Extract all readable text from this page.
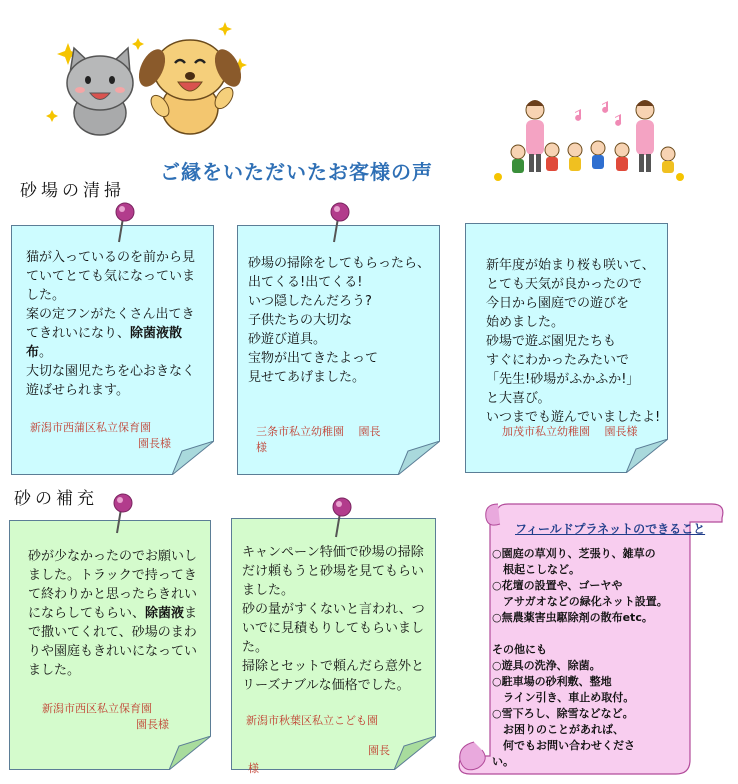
ご縁をいただいたお客様の声
砂場の清掃
砂の補充
猫が入っているのを前から見ていてとても気になっていました。
案の定フンがたくさん出てきてきれいになり、除菌液散布。
大切な園児たちを心おきなく遊ばせられます。
新潟市西蒲区私立保育園
園長様
砂場の掃除をしてもらったら、
出てくる!出てくる!
いつ隠したんだろう?
子供たちの大切な
砂遊び道具。
宝物が出てきたよって
見せてあげました。
三条市私立幼稚園　 園長
様
新年度が始まり桜も咲いて、
とても天気が良かったので
今日から園庭での遊びを
始めました。
砂場で遊ぶ園児たちも
すぐにわかったみたいで
「先生!砂場がふかふか!」
と大喜び。
いつまでも遊んでいましたよ!
加茂市私立幼稚園　 園長様
砂が少なかったのでお願いしました。トラックで持ってきて終わりかと思ったらきれいにならしてもらい、除菌液まで撒いてくれて、砂場のまわりや園庭もきれいになっていました。
新潟市西区私立保育園
園長様
キャンペーン特価で砂場の掃除だけ頼もうと砂場を見てもらいました。
砂の量がすくないと言われ、ついでに見積もりしてもらいました。
掃除とセットで頼んだら意外とリーズナブルな価格でした。
新潟市秋葉区私立こども園
園長
様
フィールドプラネットのできること
○園庭の草刈り、芝張り、雑草の
　根起こしなど。
○花壇の設置や、ゴーヤや
　アサガオなどの緑化ネット設置。
○無農薬害虫駆除剤の散布etc。

その他にも
○遊具の洗浄、除菌。
○駐車場の砂利敷、整地
　ライン引き、車止め取付。
○雪下ろし、除雪などなど。
　お困りのことがあれば、
　何でもお問い合わせくださ
い。
